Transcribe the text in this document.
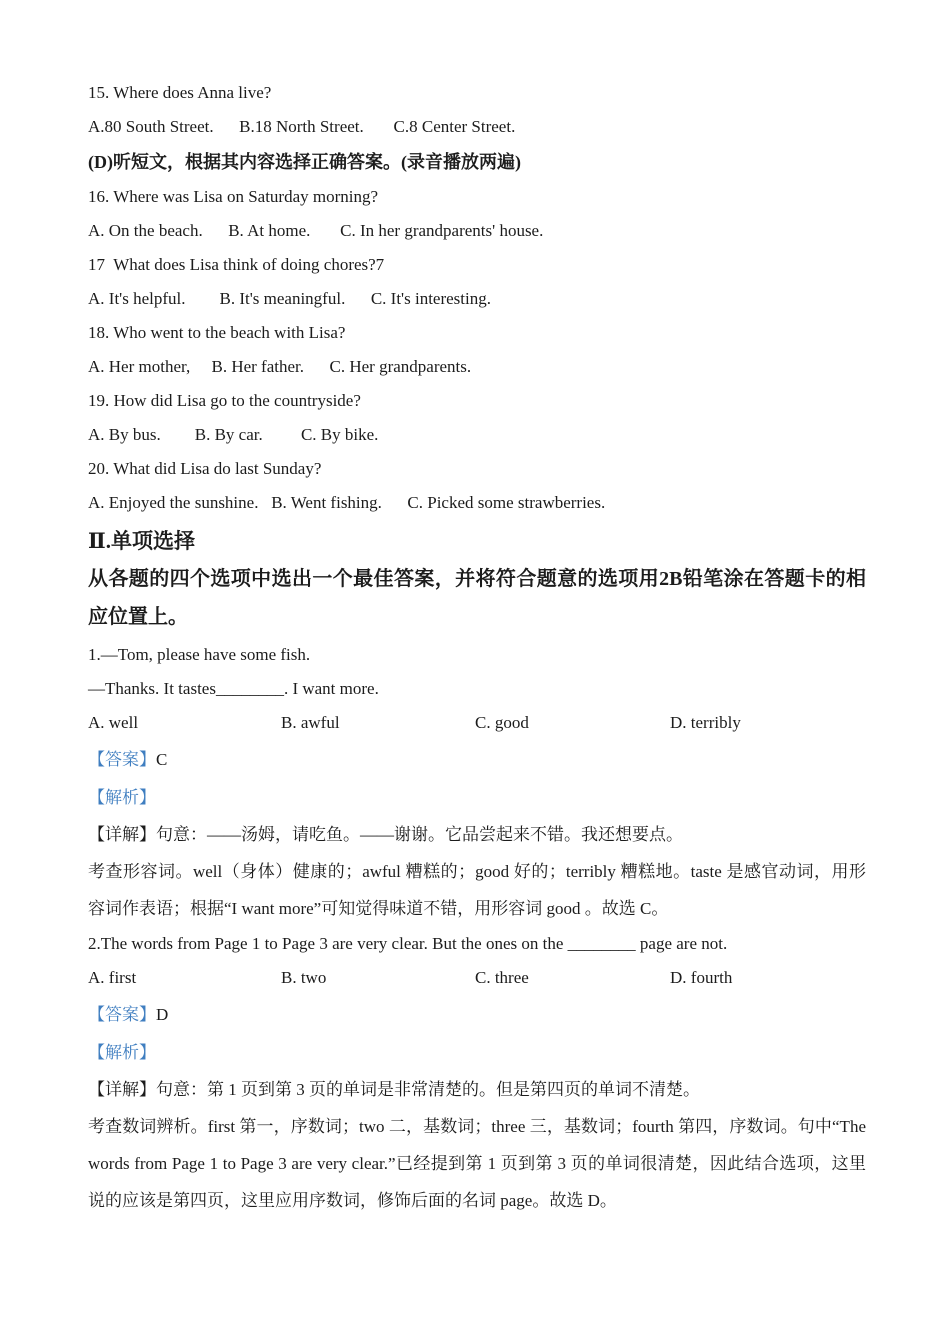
15. Where does Anna live?

A.80 South Street.      B.18 North Street.       C.8 Center Street.

(D)听短文，根据其内容选择正确答案。(录音播放两遍)

16. Where was Lisa on Saturday morning?

A. On the beach.      B. At home.       C. In her grandparents' house.

17  What does Lisa think of doing chores?7

A. It's helpful.        B. It's meaningful.      C. It's interesting.

18. Who went to the beach with Lisa?

A. Her mother,     B. Her father.      C. Her grandparents.

19. How did Lisa go to the countryside?

A. By bus.        B. By car.         C. By bike.

20. What did Lisa do last Sunday?

A. Enjoyed the sunshine.   B. Went fishing.      C. Picked some strawberries.

Ⅱ.单项选择

从各题的四个选项中选出一个最佳答案，并将符合题意的选项用2B铅笔涂在答题卡的相应位置上。

1.—Tom, please have some fish.

—Thanks. It tastes________. I want more.

A. well	B. awful	C. good	D. terribly

【答案】C

【解析】

【详解】句意：——汤姆，请吃鱼。——谢谢。它品尝起来不错。我还想要点。

考查形容词。well（身体）健康的；awful 糟糕的；good 好的；terribly 糟糕地。taste 是感官动词，用形容词作表语；根据“I want more”可知觉得味道不错，用形容词 good 。故选 C。

2.The words from Page 1 to Page 3 are very clear. But the ones on the ________ page are not.

A. first	B. two	C. three	D. fourth

【答案】D

【解析】

【详解】句意：第 1 页到第 3 页的单词是非常清楚的。但是第四页的单词不清楚。

考查数词辨析。first 第一，序数词；two 二，基数词；three 三，基数词；fourth 第四，序数词。句中“The words from Page 1 to Page 3 are very clear.”已经提到第 1 页到第 3 页的单词很清楚，因此结合选项，这里说的应该是第四页，这里应用序数词，修饰后面的名词 page。故选 D。
